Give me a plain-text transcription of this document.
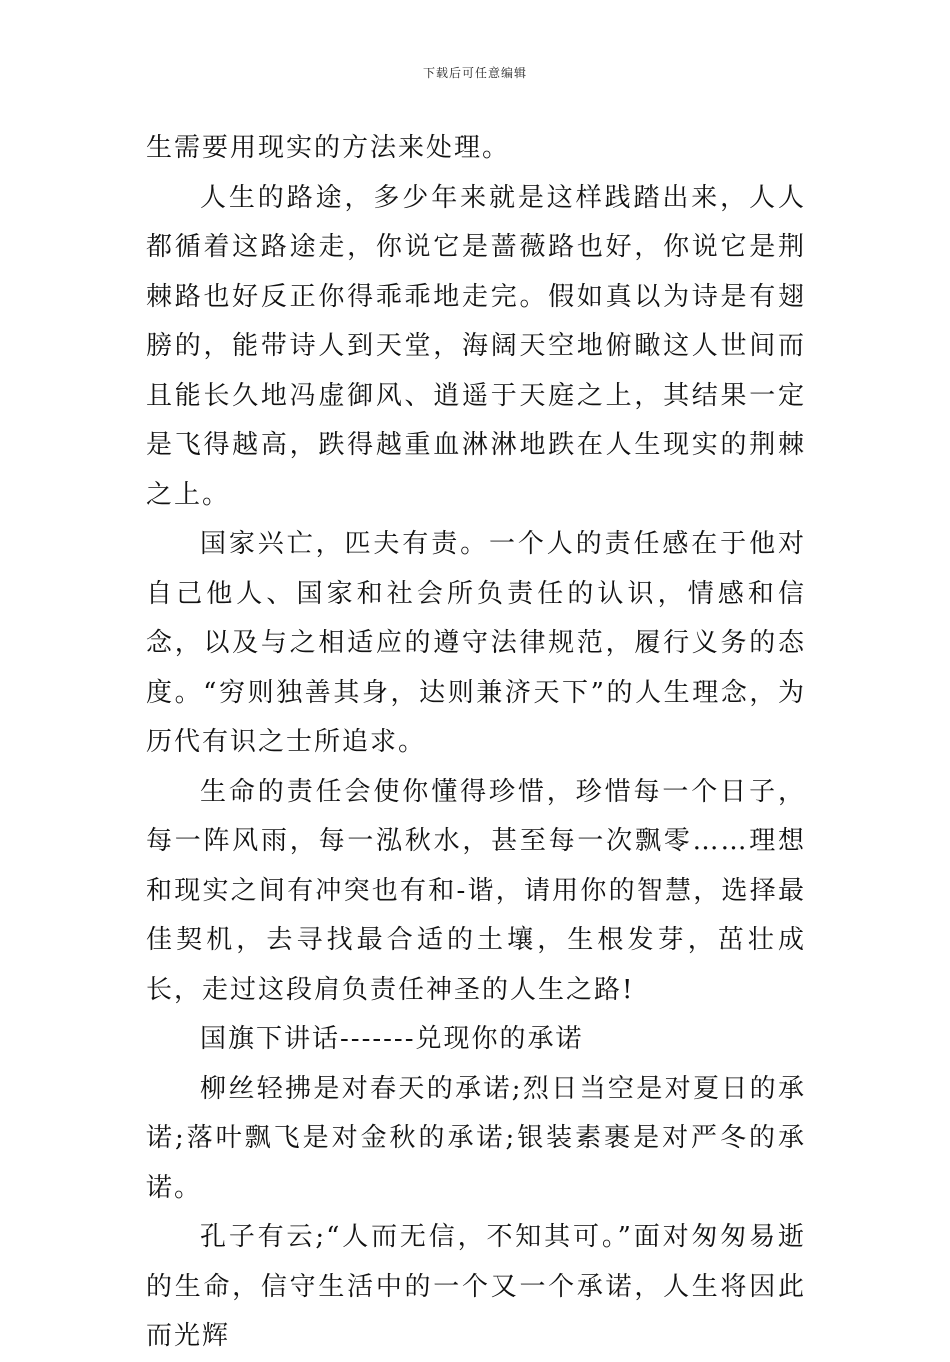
下载后可任意编辑

生需要用现实的方法来处理。

人生的路途，多少年来就是这样践踏出来，人人都循着这路途走，你说它是蔷薇路也好，你说它是荆棘路也好反正你得乖乖地走完。假如真以为诗是有翅膀的，能带诗人到天堂，海阔天空地俯瞰这人世间而且能长久地冯虚御风、逍遥于天庭之上，其结果一定是飞得越高，跌得越重血淋淋地跌在人生现实的荆棘之上。

国家兴亡，匹夫有责。一个人的责任感在于他对自己他人、国家和社会所负责任的认识，情感和信念，以及与之相适应的遵守法律规范，履行义务的态度。“穷则独善其身，达则兼济天下”的人生理念，为历代有识之士所追求。

生命的责任会使你懂得珍惜，珍惜每一个日子，每一阵风雨，每一泓秋水，甚至每一次飘零……理想和现实之间有冲突也有和-谐，请用你的智慧，选择最佳契机，去寻找最合适的土壤，生根发芽，茁壮成长，走过这段肩负责任神圣的人生之路!

国旗下讲话-------兑现你的承诺

柳丝轻拂是对春天的承诺;烈日当空是对夏日的承诺;落叶飘飞是对金秋的承诺;银装素裹是对严冬的承诺。

孔子有云;“人而无信，不知其可。”面对匆匆易逝的生命，信守生活中的一个又一个承诺，人生将因此而光辉
